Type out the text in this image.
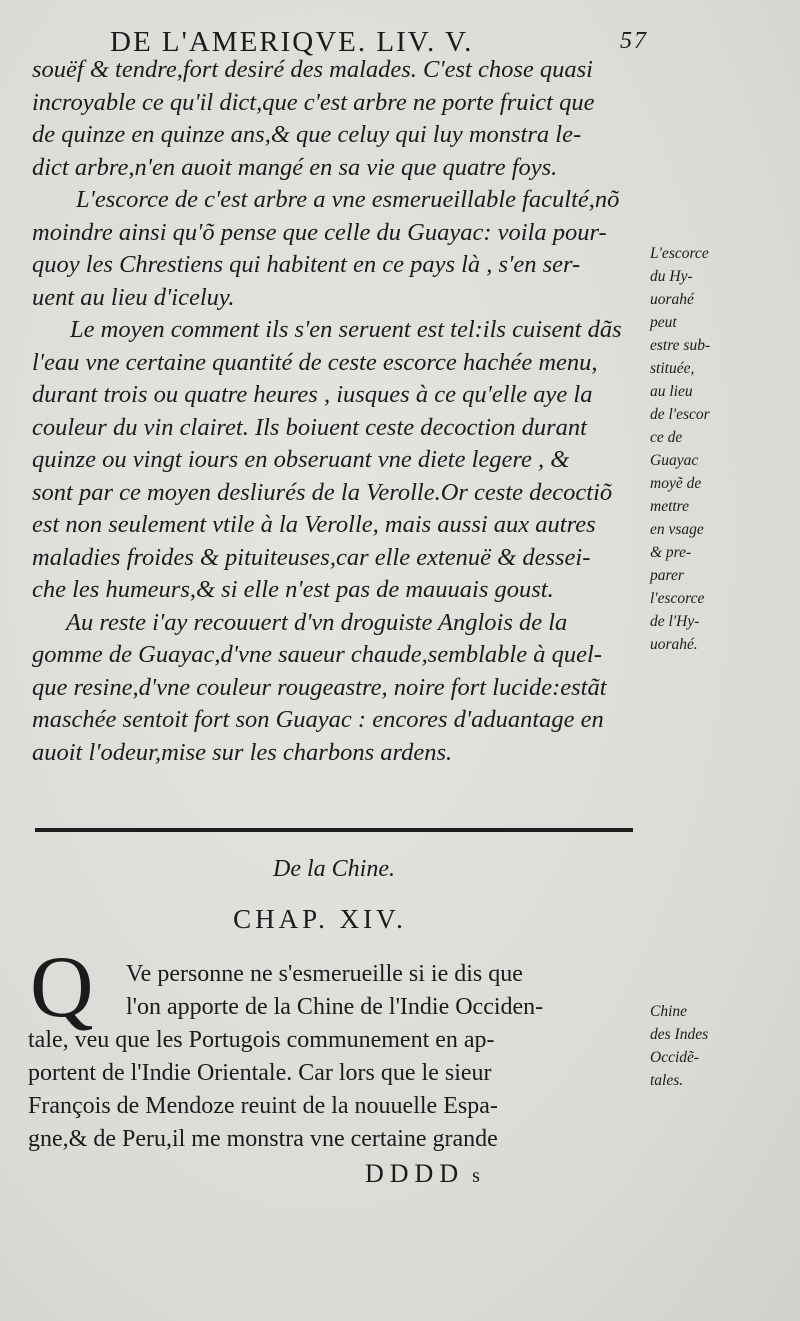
DE L'AMERIQVE. LIV. V.	57
souëf & tendre,fort desiré des malades. C'est chose quasi
incroyable ce qu'il dict,que c'est arbre ne porte fruict que
de quinze en quinze ans,& que celuy qui luy monstra le-
dict arbre,n'en auoit mangé en sa vie que quatre foys.
L'escorce de c'est arbre a vne esmerueillable faculté,nõ
moindre ainsi qu'õ pense que celle du Guayac: voila pour-
quoy les Chrestiens qui habitent en ce pays là , s'en ser-
uent au lieu d'iceluy.
Le moyen comment ils s'en seruent est tel:ils cuisent dãs
l'eau vne certaine quantité de ceste escorce hachée menu,
durant trois ou quatre heures , iusques à ce qu'elle aye la
couleur du vin clairet. Ils boiuent ceste decoction durant
quinze ou vingt iours en obseruant vne diete legere , &
sont par ce moyen desliurés de la Verolle.Or ceste decoctiõ
est non seulement vtile à la Verolle, mais aussi aux autres
maladies froides & pituiteuses,car elle extenuë & dessei-
che les humeurs,& si elle n'est pas de mauuais goust.
Au reste i'ay recouuert d'vn droguiste Anglois de la
gomme de Guayac,d'vne saueur chaude,semblable à quel-
que resine,d'vne couleur rougeastre, noire fort lucide:estãt
maschée sentoit fort son Guayac : encores d'aduantage en
auoit l'odeur,mise sur les charbons ardens.
L'escorce
du Hy-
uorahé
peut
estre sub-
stituée,
au lieu
de l'escor
ce de
Guayac
moyẽ de
mettre
en vsage
& pre-
parer
l'escorce
de l'Hy-
uorahé.
De la Chine.
CHAP. XIV.
Q	Ve personne ne s'esmerueille si ie dis que
l'on apporte de la Chine de l'Indie Occiden-
tale, veu que les Portugois communement en ap-
portent de l'Indie Orientale. Car lors que le sieur
François de Mendoze reuint de la nouuelle Espa-
gne,& de Peru,il me monstra vne certaine grande
Chine
des Indes
Occidẽ-
tales.
DDDD s
